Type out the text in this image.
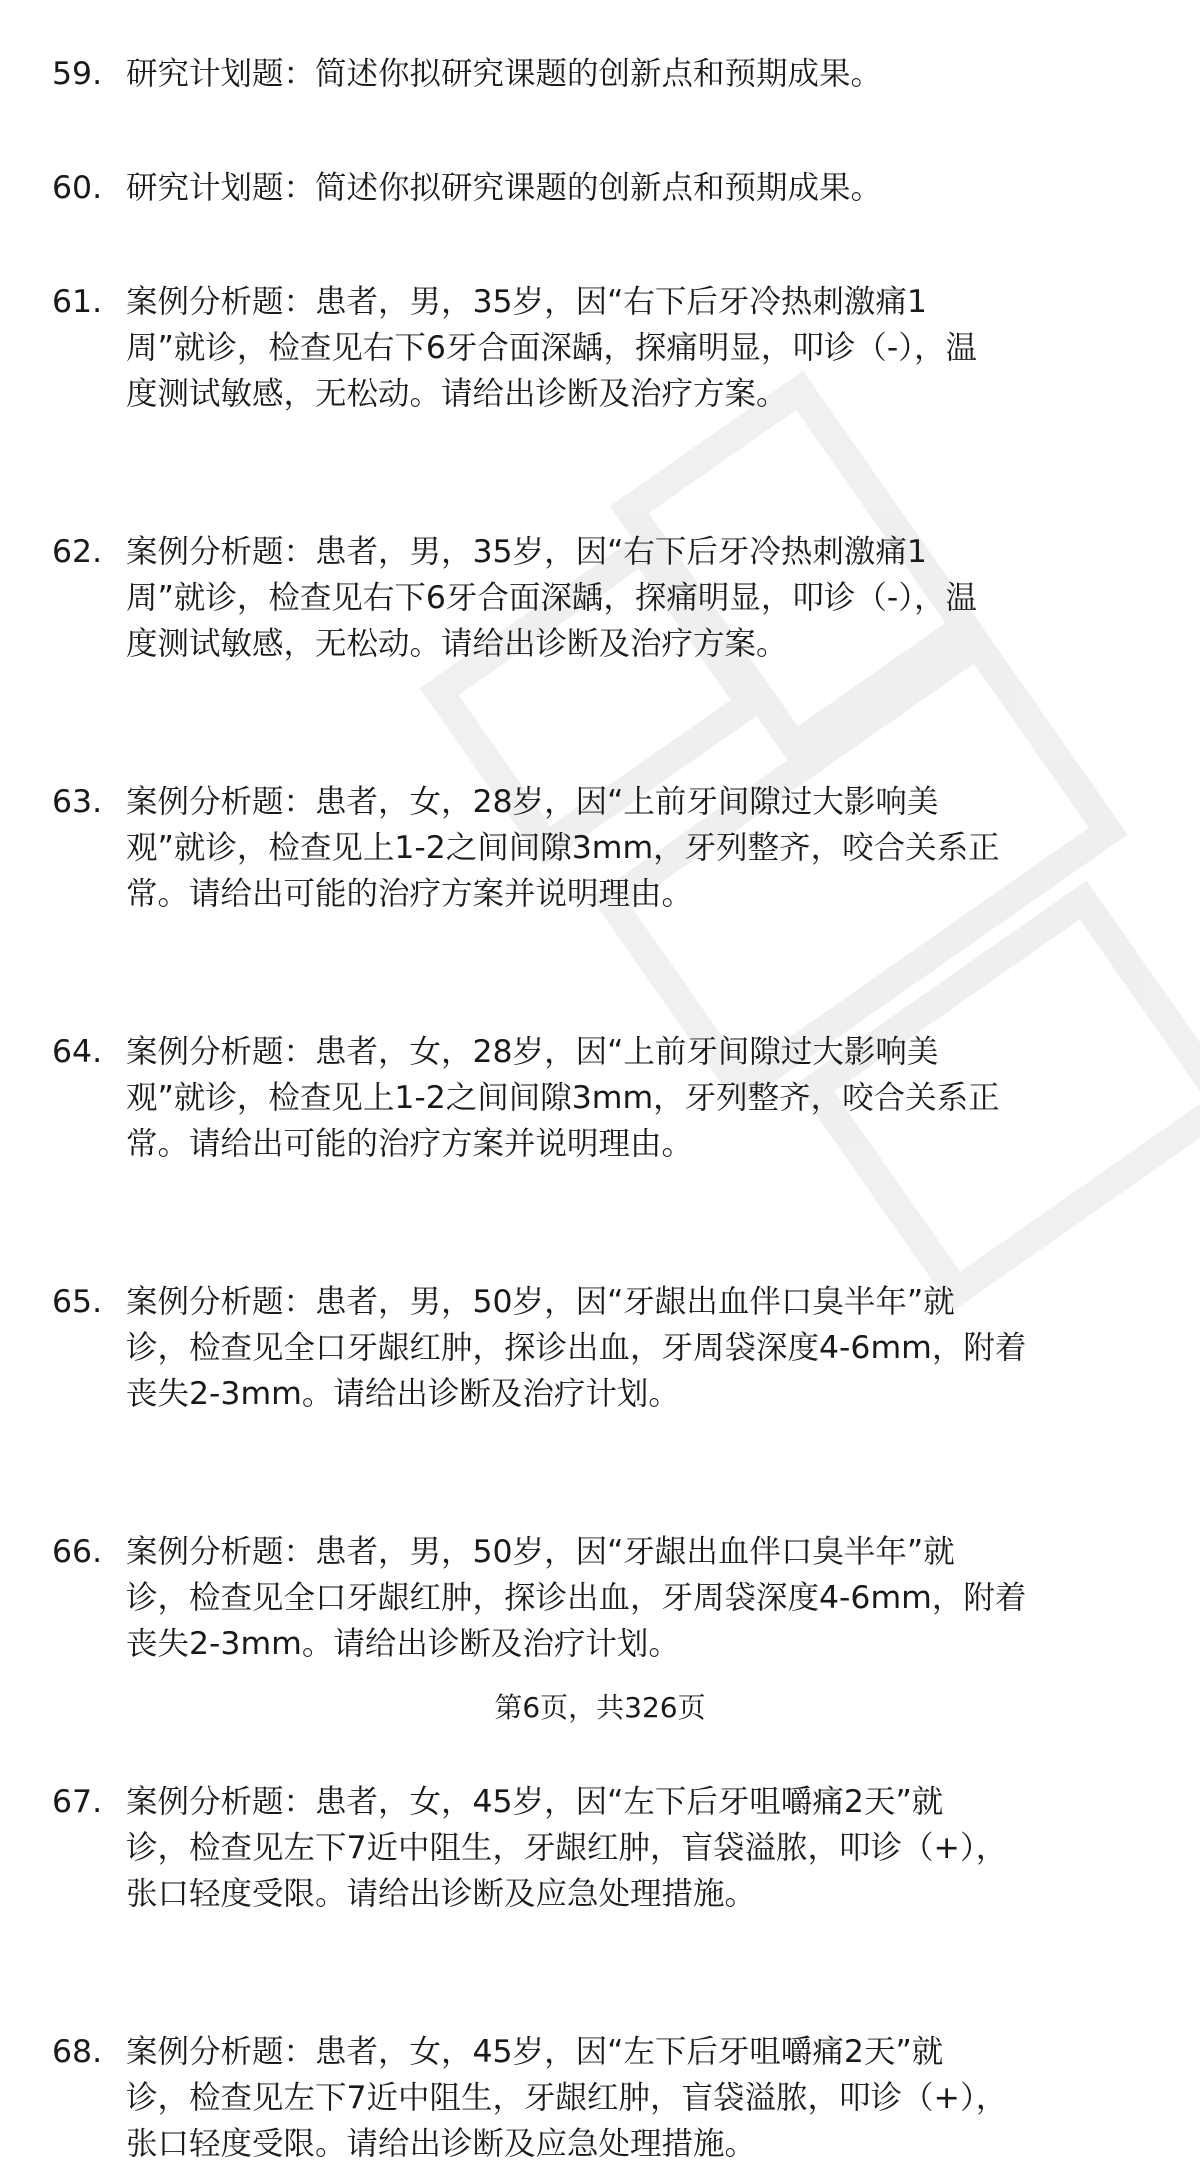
59. 研究计划题：简述你拟研究课题的创新点和预期成果。
60. 研究计划题：简述你拟研究课题的创新点和预期成果。
61. 案例分析题：患者，男，35岁，因“右下后牙冷热刺激痛1
周”就诊，检查见右下6牙合面深龋，探痛明显，叩诊（-），温
度测试敏感，无松动。请给出诊断及治疗方案。
62. 案例分析题：患者，男，35岁，因“右下后牙冷热刺激痛1
周”就诊，检查见右下6牙合面深龋，探痛明显，叩诊（-），温
度测试敏感，无松动。请给出诊断及治疗方案。
63. 案例分析题：患者，女，28岁，因“上前牙间隙过大影响美
观”就诊，检查见上1-2之间间隙3mm，牙列整齐，咬合关系正
常。请给出可能的治疗方案并说明理由。
64. 案例分析题：患者，女，28岁，因“上前牙间隙过大影响美
观”就诊，检查见上1-2之间间隙3mm，牙列整齐，咬合关系正
常。请给出可能的治疗方案并说明理由。
65. 案例分析题：患者，男，50岁，因“牙龈出血伴口臭半年”就
诊，检查见全口牙龈红肿，探诊出血，牙周袋深度4-6mm，附着
丧失2-3mm。请给出诊断及治疗计划。
66. 案例分析题：患者，男，50岁，因“牙龈出血伴口臭半年”就
诊，检查见全口牙龈红肿，探诊出血，牙周袋深度4-6mm，附着
丧失2-3mm。请给出诊断及治疗计划。
67. 案例分析题：患者，女，45岁，因“左下后牙咀嚼痛2天”就
诊，检查见左下7近中阻生，牙龈红肿，盲袋溢脓，叩诊（+），
张口轻度受限。请给出诊断及应急处理措施。
68. 案例分析题：患者，女，45岁，因“左下后牙咀嚼痛2天”就
诊，检查见左下7近中阻生，牙龈红肿，盲袋溢脓，叩诊（+），
张口轻度受限。请给出诊断及应急处理措施。
第6页，共326页
